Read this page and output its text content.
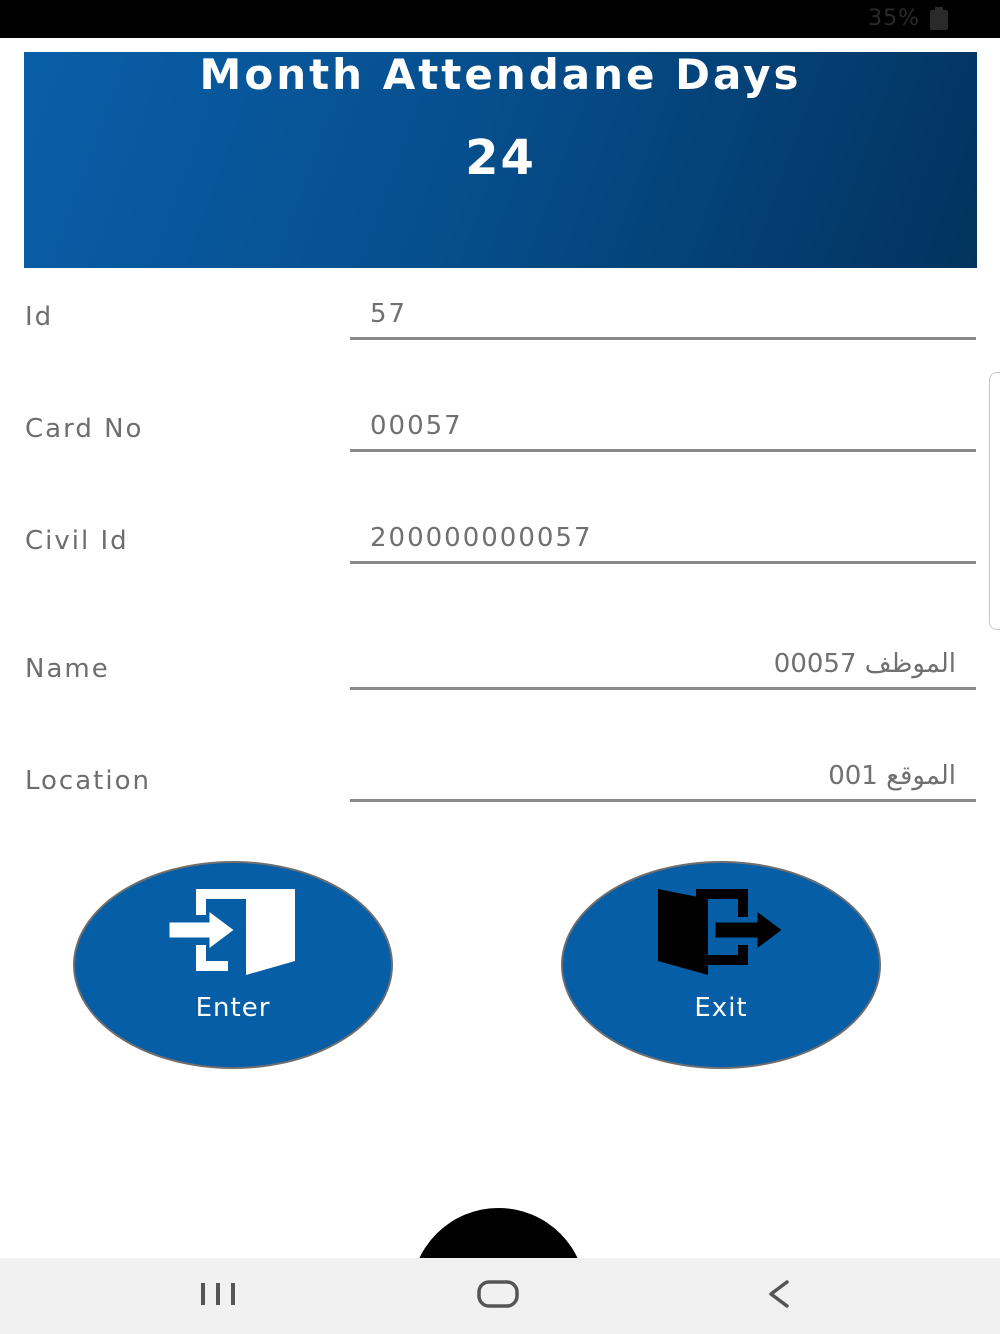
35%
Month Attendane Days
24
Id
57
Card No
00057
Civil Id
200000000057
Name
الموظف 00057
Location
الموقع 001
Enter	Exit
